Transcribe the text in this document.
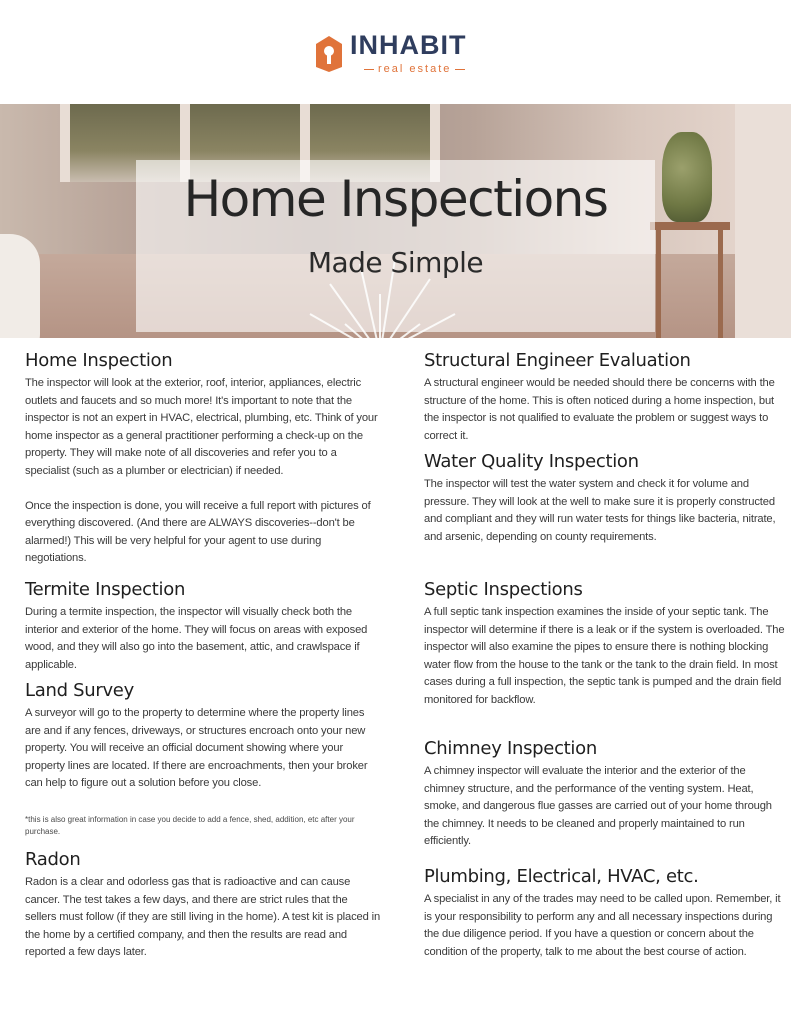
INHABIT
real estate
Home Inspections
Made Simple
Home Inspection

The inspector will look at the exterior, roof, interior, appliances, electric outlets and faucets and so much more! It's important to note that the inspector is not an expert in HVAC, electrical, plumbing, etc. Think of your home inspector as a general practitioner performing a check-up on the property. They will make note of all discoveries and refer you to a specialist (such as a plumber or electrician) if needed.

Once the inspection is done, you will receive a full report with pictures of everything discovered. (And there are ALWAYS discoveries--don't be alarmed!) This will be very helpful for your agent to use during negotiations.

Termite Inspection

During a termite inspection, the inspector will visually check both the interior and exterior of the home. They will focus on areas with exposed wood, and they will also go into the basement, attic, and crawlspace if applicable.

Land Survey

A surveyor will go to the property to determine where the property lines are and if any fences, driveways, or structures encroach onto your new property. You will receive an official document showing where your property lines are located. If there are encroachments, then your broker can help to figure out a solution before you close.

*this is also great information in case you decide to add a fence, shed, addition, etc after your purchase.
Radon

Radon is a clear and odorless gas that is radioactive and can cause cancer. The test takes a few days, and there are strict rules that the sellers must follow (if they are still living in the home). A test kit is placed in the home by a certified company, and then the results are read and reported a few days later.

Structural Engineer Evaluation

A structural engineer would be needed should there be concerns with the structure of the home. This is often noticed during a home inspection, but the inspector is not qualified to evaluate the problem or suggest ways to correct it.

Water Quality Inspection

The inspector will test the water system and check it for volume and pressure. They will look at the well to make sure it is properly constructed and compliant and they will run water tests for things like bacteria, nitrate, and arsenic, depending on county requirements.

Septic Inspections

A full septic tank inspection examines the inside of your septic tank. The inspector will determine if there is a leak or if the system is overloaded. The inspector will also examine the pipes to ensure there is nothing blocking water flow from the house to the tank or the tank to the drain field. In most cases during a full inspection, the septic tank is pumped and the drain field monitored for backflow.

Chimney Inspection

A chimney inspector will evaluate the interior and the exterior of the chimney structure, and the performance of the venting system. Heat, smoke, and dangerous flue gasses are carried out of your home through the chimney. It needs to be cleaned and properly maintained to run efficiently.

Plumbing, Electrical, HVAC, etc.

A specialist in any of the trades may need to be called upon. Remember, it is your responsibility to perform any and all necessary inspections during the due diligence period. If you have a question or concern about the condition of the property, talk to me about the best course of action.
